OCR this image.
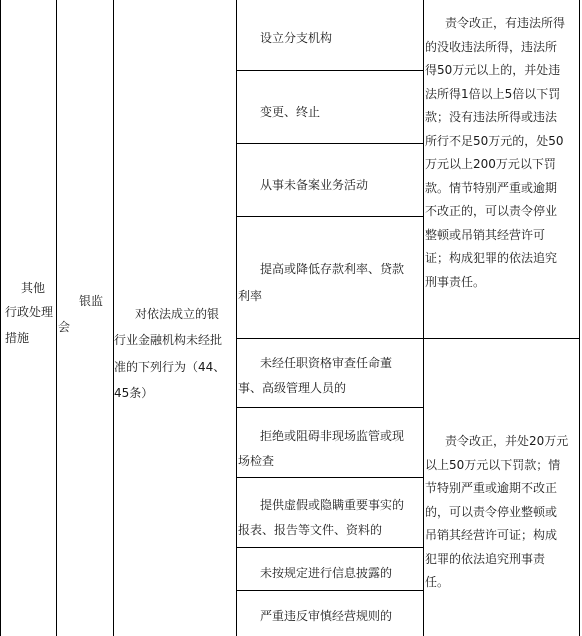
其他
行政处理
措施
银监
会
对依法成立的银
行业金融机构未经批
准的下列行为（44、
45条）
设立分支机构
变更、终止
从事未备案业务活动
提高或降低存款利率、贷款
利率
未经任职资格审查任命董
事、高级管理人员的
拒绝或阻碍非现场监管或现
场检查
提供虚假或隐瞒重要事实的
报表、报告等文件、资料的
未按规定进行信息披露的
严重违反审慎经营规则的
责令改正，有违法所得
的没收违法所得，违法所
得50万元以上的，并处违
法所得1倍以上5倍以下罚
款；没有违法所得或违法
所行不足50万元的，处50
万元以上200万元以下罚
款。情节特别严重或逾期
不改正的，可以责令停业
整顿或吊销其经营许可
证；构成犯罪的依法追究
刑事责任。
责令改正，并处20万元
以上50万元以下罚款；情
节特别严重或逾期不改正
的，可以责令停业整顿或
吊销其经营许可证；构成
犯罪的依法追究刑事责
任。
